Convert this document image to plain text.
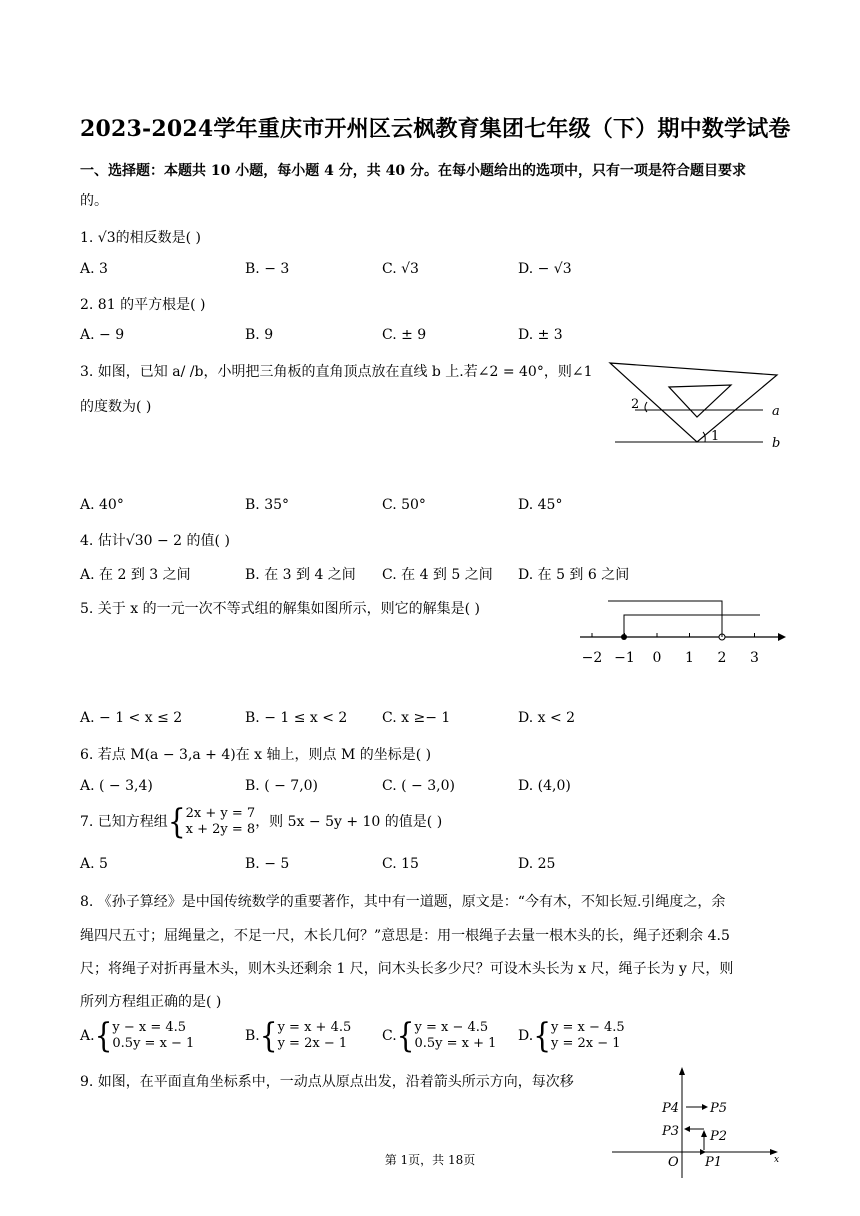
2023-2024学年重庆市开州区云枫教育集团七年级（下）期中数学试卷
一、选择题：本题共 10 小题，每小题 4 分，共 40 分。在每小题给出的选项中，只有一项是符合题目要求
的。
1. √3的相反数是( )
A. 3	B. − 3	C. √3	D. − √3
2. 81 的平方根是( )
A. − 9	B. 9	C. ± 9	D. ± 3
3. 如图，已知 a/ /b，小明把三角板的直角顶点放在直线 b 上.若∠2 = 40°，则∠1
的度数为( )	2
1
a
b
A. 40°	B. 35°	C. 50°	D. 45°
4. 估计√30 − 2 的值( )
A. 在 2 到 3 之间	B. 在 3 到 4 之间 C. 在 4 到 5 之间 D. 在 5 到 6 之间
5. 关于 x 的一元一次不等式组的解集如图所示，则它的解集是( )
−2 −1 0 1 2 3
A. − 1 < x ≤ 2	B. − 1 ≤ x < 2 C. x ≥− 1	D. x < 2
6. 若点 M(a − 3,a + 4)在 x 轴上，则点 M 的坐标是( )
A. ( − 3,4)	B. ( − 7,0)	C. ( − 3,0)	D. (4,0)
7. 已知方程组{ 2x + y = 7
x + 2y = 8 ，则 5x − 5y + 10 的值是( )
A. 5	B. − 5	C. 15	D. 25
8. 《孙子算经》是中国传统数学的重要著作，其中有一道题，原文是：“今有木，不知长短.引绳度之，余
绳四尺五寸；屈绳量之，不足一尺，木长几何？”意思是：用一根绳子去量一根木头的长，绳子还剩余 4.5
尺；将绳子对折再量木头，则木头还剩余 1 尺，问木头长多少尺？可设木头长为 x 尺，绳子长为 y 尺，则
所列方程组正确的是( )
A.{ y − x = 4.5
0.5y = x − 1	B.{ y = x + 4.5
y = 2x − 1 C.{ y = x − 4.5
0.5y = x + 1 D.{ y = x − 4.5
y = 2x − 1
9. 如图，在平面直角坐标系中，一动点从原点出发，沿着箭头所示方向，每次移
P4 P5
P3 P2
O P1	x
第 1页，共 18页
